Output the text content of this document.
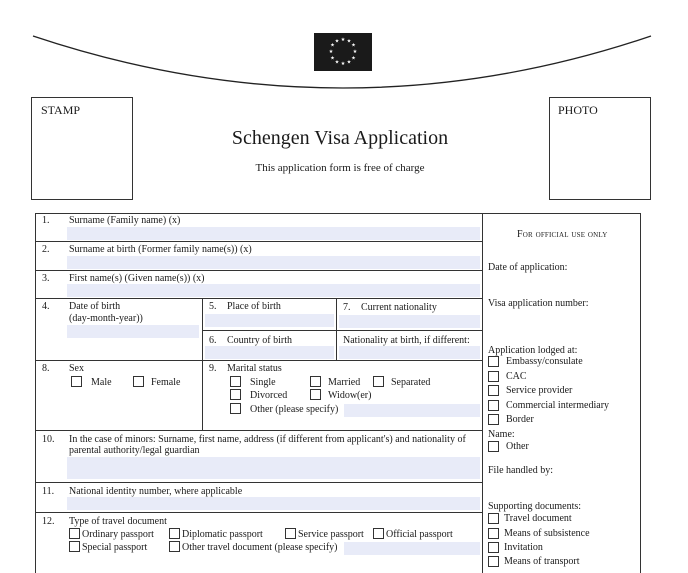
★ ★
★
★
★
★
★
★
★
★
★
★
STAMP	PHOTO
Schengen Visa Application
This application form is free of charge
1. Surname (Family name) (x)
2. Surname at birth (Former family name(s)) (x)
3. First name(s) (Given name(s)) (x)
4. Date of birth
(day-month-year))
5. Place of birth
6. Country of birth
7. Current nationality
Nationality at birth, if different:
8. Sex
Male	Female
9. Marital status
Single	Married	Separated
Divorced	Widow(er)
Other (please specify)
10. In the case of minors: Surname, first name, address (if different from applicant's) and nationality of
parental authority/legal guardian
11. National identity number, where applicable
12. Type of travel document
Ordinary passport	Diplomatic passport	Service passport Official passport
Special passport	Other travel document (please specify)
For official use only
Date of application:
Visa application number:
Application lodged at:
Embassy/consulate
CAC
Service provider
Commercial intermediary
Border
Name:
Other
File handled by:
Supporting documents:
Travel document
Means of subsistence
Invitation
Means of transport
